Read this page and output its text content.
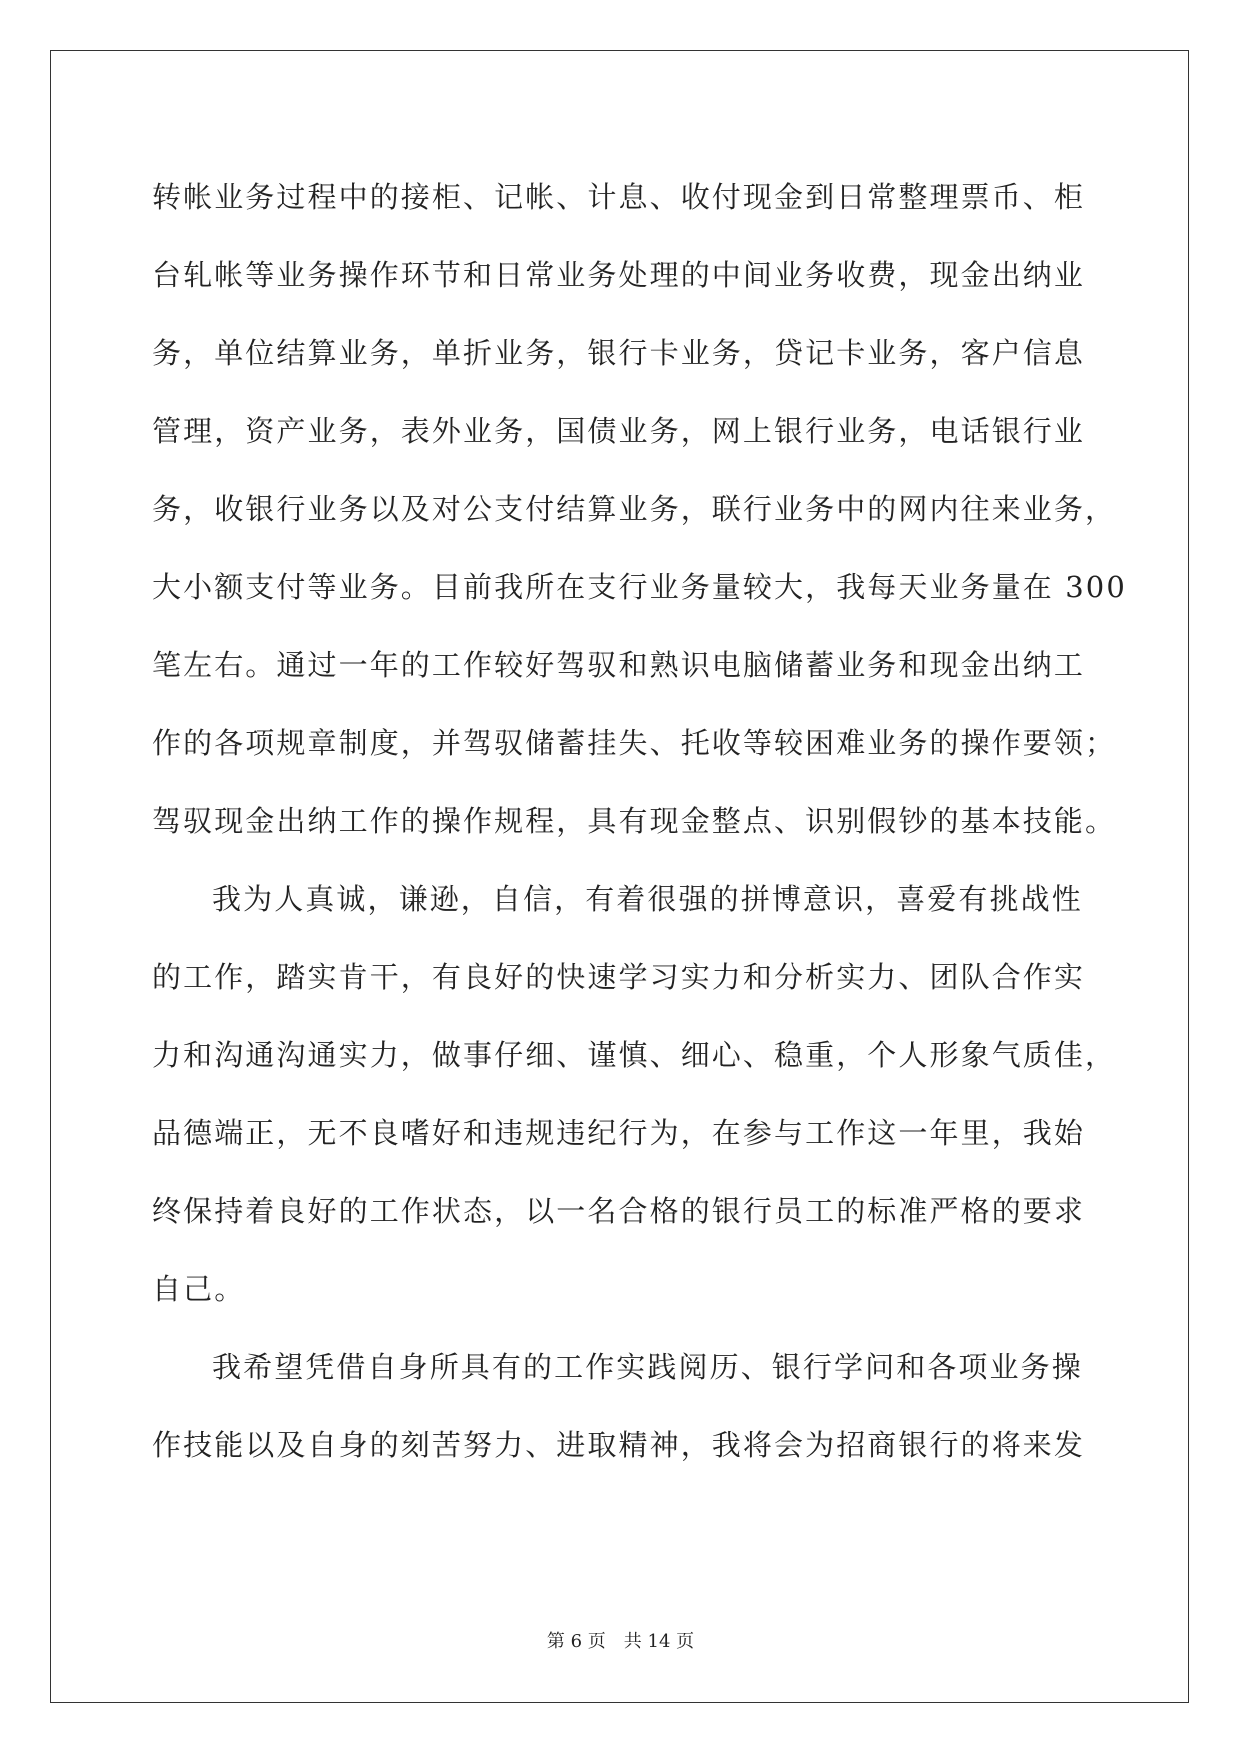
转帐业务过程中的接柜、记帐、计息、收付现金到日常整理票币、柜
台轧帐等业务操作环节和日常业务处理的中间业务收费，现金出纳业
务，单位结算业务，单折业务，银行卡业务，贷记卡业务，客户信息
管理，资产业务，表外业务，国债业务，网上银行业务，电话银行业
务，收银行业务以及对公支付结算业务，联行业务中的网内往来业务，
大小额支付等业务。目前我所在支行业务量较大，我每天业务量在 300
笔左右。通过一年的工作较好驾驭和熟识电脑储蓄业务和现金出纳工
作的各项规章制度，并驾驭储蓄挂失、托收等较困难业务的操作要领；
驾驭现金出纳工作的操作规程，具有现金整点、识别假钞的基本技能。
我为人真诚，谦逊，自信，有着很强的拼博意识，喜爱有挑战性
的工作，踏实肯干，有良好的快速学习实力和分析实力、团队合作实
力和沟通沟通实力，做事仔细、谨慎、细心、稳重，个人形象气质佳，
品德端正，无不良嗜好和违规违纪行为，在参与工作这一年里，我始
终保持着良好的工作状态，以一名合格的银行员工的标准严格的要求
自己。
我希望凭借自身所具有的工作实践阅历、银行学问和各项业务操
作技能以及自身的刻苦努力、进取精神，我将会为招商银行的将来发
第 6 页　共 14 页
